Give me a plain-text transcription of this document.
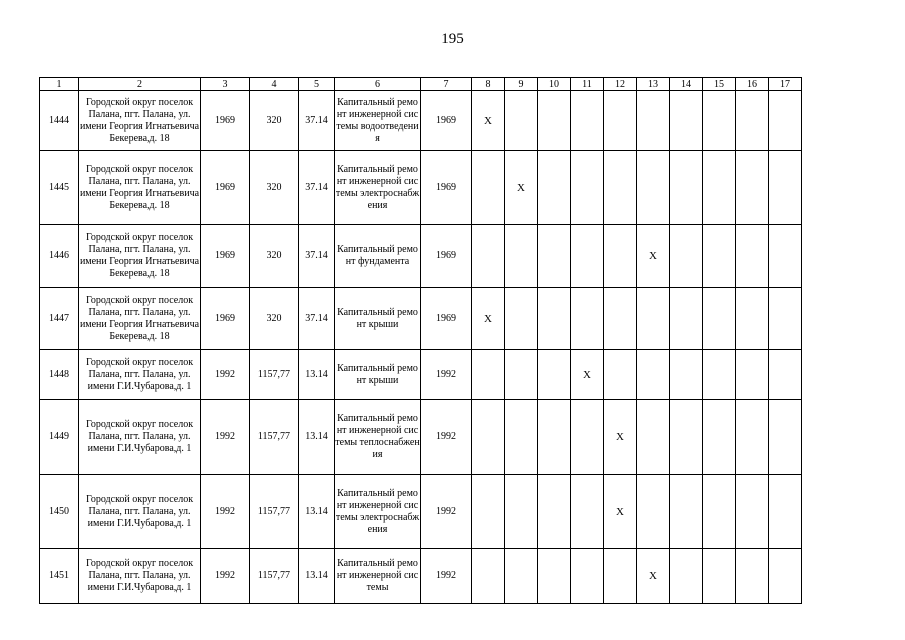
195
1	2	3	4	5	6	7	8	9	10	11	12	13	14	15	16	17
1444	Городской округ поселок Палана, пгт. Палана, ул. имени Георгия Игнатьевича Бекерева,д. 18	1969	320	37.14	Капитальный ремонт инженерной системы водоотведения	1969	X									
1445	Городской округ поселок Палана, пгт. Палана, ул. имени Георгия Игнатьевича Бекерева,д. 18	1969	320	37.14	Капитальный ремонт инженерной системы электроснабжения	1969		X								
1446	Городской округ поселок Палана, пгт. Палана, ул. имени Георгия Игнатьевича Бекерева,д. 18	1969	320	37.14	Капитальный ремонт фундамента	1969						X				
1447	Городской округ поселок Палана, пгт. Палана, ул. имени Георгия Игнатьевича Бекерева,д. 18	1969	320	37.14	Капитальный ремонт крыши	1969	X									
1448	Городской округ поселок Палана, пгт. Палана, ул. имени Г.И.Чубарова,д. 1	1992	1157,77	13.14	Капитальный ремонт крыши	1992				X						
1449	Городской округ поселок Палана, пгт. Палана, ул. имени Г.И.Чубарова,д. 1	1992	1157,77	13.14	Капитальный ремонт инженерной системы теплоснабжения	1992					X					
1450	Городской округ поселок Палана, пгт. Палана, ул. имени Г.И.Чубарова,д. 1	1992	1157,77	13.14	Капитальный ремонт инженерной системы электроснабжения	1992					X					
1451	Городской округ поселок Палана, пгт. Палана, ул. имени Г.И.Чубарова,д. 1	1992	1157,77	13.14	Капитальный ремонт инженерной системы	1992						X				
